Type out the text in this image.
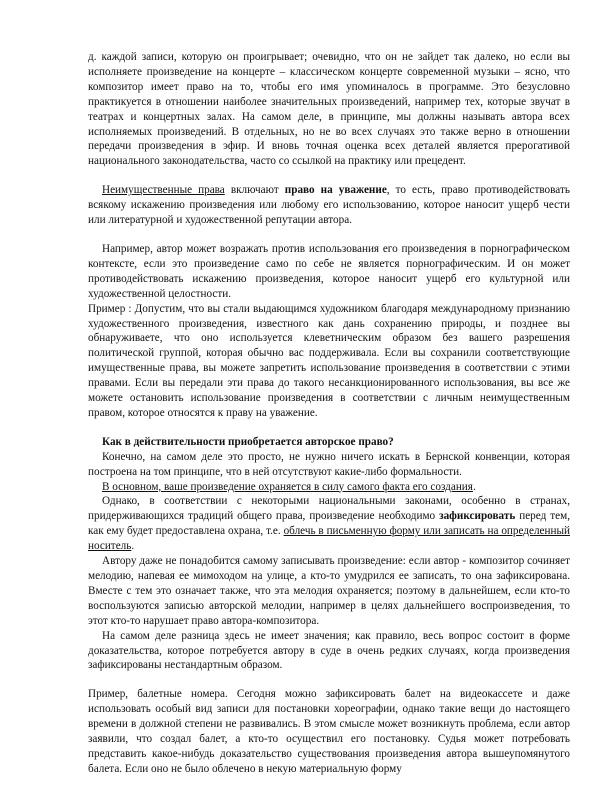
д. каждой записи, которую он проигрывает; очевидно, что он не зайдет так далеко, но если вы исполняете произведение на концерте – классическом концерте современной музыки – ясно, что композитор имеет право на то, чтобы его имя упоминалось в программе. Это безусловно практикуется в отношении наиболее значительных произведений, например тех, которые звучат в театрах и концертных залах. На самом деле, в принципе, мы должны называть автора всех исполняемых произведений. В отдельных, но не во всех случаях это также верно в отношении передачи произведения в эфир. И вновь точная оценка всех деталей является прерогативой национального законодательства, часто со ссылкой на практику или прецедент.

Неимущественные права включают право на уважение, то есть, право противодействовать всякому искажению произведения или любому его использованию, которое наносит ущерб чести или литературной и художественной репутации автора.

Например, автор может возражать против использования его произведения в порнографическом контексте, если это произведение само по себе не является порнографическим. И он может противодействовать искажению произведения, которое наносит ущерб его культурной или художественной целостности.

Пример : Допустим, что вы стали выдающимся художником благодаря международному признанию художественного произведения, известного как дань сохранению природы, и позднее вы обнаруживаете, что оно используется клеветническим образом без вашего разрешения политической группой, которая обычно вас поддерживала. Если вы сохранили соответствующие имущественные права, вы можете запретить использование произведения в соответствии с этими правами. Если вы передали эти права до такого несанкционированного использования, вы все же можете остановить использование произведения в соответствии с личным неимущественным правом, которое относятся к праву на уважение.

Как в действительности приобретается авторское право?

Конечно, на самом деле это просто, не нужно ничего искать в Бернской конвенции, которая построена на том принципе, что в ней отсутствуют какие-либо формальности.

В основном, ваше произведение охраняется в силу самого факта его создания.

Однако, в соответствии с некоторыми национальными законами, особенно в странах, придерживающихся традиций общего права, произведение необходимо зафиксировать перед тем, как ему будет предоставлена охрана, т.е. облечь в письменную форму или записать на определенный носитель.

Автору даже не понадобится самому записывать произведение: если автор - композитор сочиняет мелодию, напевая ее мимоходом на улице, а кто-то умудрился ее записать, то она зафиксирована. Вместе с тем это означает также, что эта мелодия охраняется; поэтому в дальнейшем, если кто-то воспользуются записью авторской мелодии, например в целях дальнейшего воспроизведения, то этот кто-то нарушает право автора-композитора.

На самом деле разница здесь не имеет значения; как правило, весь вопрос состоит в форме доказательства, которое потребуется автору в суде в очень редких случаях, когда произведения зафиксированы нестандартным образом.

Пример, балетные номера. Сегодня можно зафиксировать балет на видеокассете и даже использовать особый вид записи для постановки хореографии, однако такие вещи до настоящего времени в должной степени не развивались. В этом смысле может возникнуть проблема, если автор заявили, что создал балет, а кто-то осуществил его постановку. Судья может потребовать представить какое-нибудь доказательство существования произведения автора вышеупомянутого балета. Если оно не было облечено в некую материальную форму
